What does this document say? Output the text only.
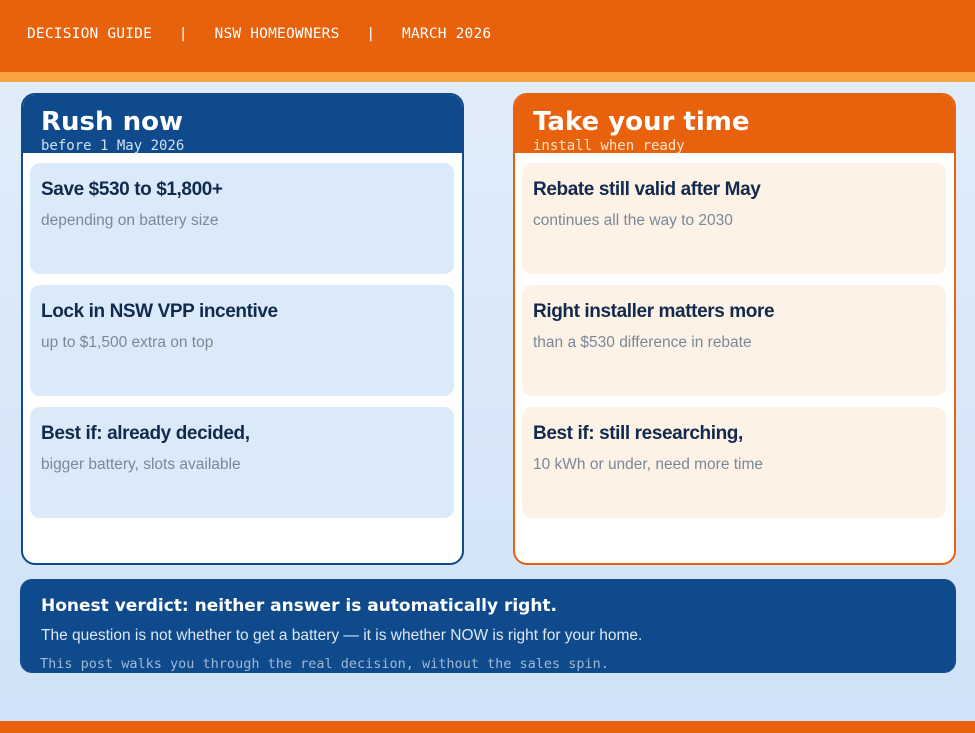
DECISION GUIDE   |   NSW HOMEOWNERS   |   MARCH 2026
Rush now
before 1 May 2026
Save $530 to $1,800+
depending on battery size
Lock in NSW VPP incentive
up to $1,500 extra on top
Best if: already decided,
bigger battery, slots available
Take your time
install when ready
Rebate still valid after May
continues all the way to 2030
Right installer matters more
than a $530 difference in rebate
Best if: still researching,
10 kWh or under, need more time
Honest verdict: neither answer is automatically right.
The question is not whether to get a battery — it is whether NOW is right for your home.
This post walks you through the real decision, without the sales spin.
